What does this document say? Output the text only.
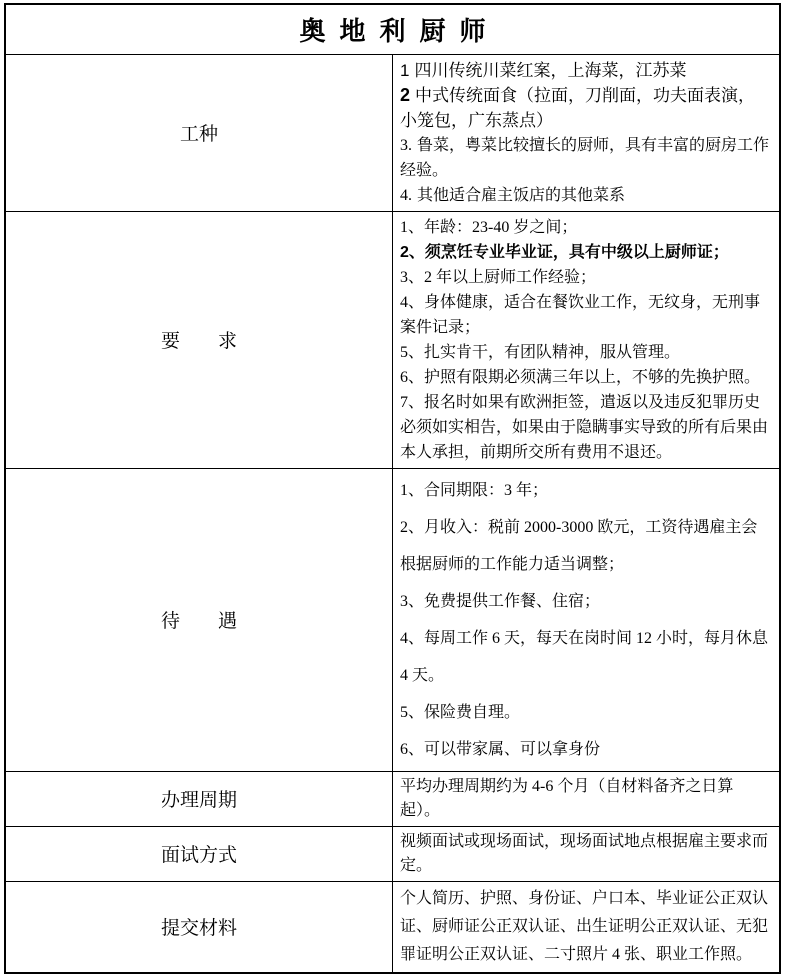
奥地利厨师	
工种	1 四川传统川菜红案，上海菜，江苏菜
2 中式传统面食（拉面，刀削面，功夫面表演，小笼包，广东蒸点）
3. 鲁菜，粤菜比较擅长的厨师，具有丰富的厨房工作经验。
4. 其他适合雇主饭店的其他菜系

要　　求	
1、年龄：23-40 岁之间；
2、须烹饪专业毕业证，具有中级以上厨师证；
3、2 年以上厨师工作经验；
4、身体健康，适合在餐饮业工作，无纹身，无刑事案件记录；
5、扎实肯干，有团队精神，服从管理。
6、护照有限期必须满三年以上，不够的先换护照。
7、报名时如果有欧洲拒签，遣返以及违反犯罪历史必须如实相告，如果由于隐瞒事实导致的所有后果由本人承担，前期所交所有费用不退还。

待　　遇	
1、合同期限：3 年；
2、月收入：税前 2000-3000 欧元，工资待遇雇主会根据厨师的工作能力适当调整；
3、免费提供工作餐、住宿；
4、每周工作 6 天，每天在岗时间 12 小时，每月休息 4 天。
5、保险费自理。
6、可以带家属、可以拿身份

办理周期	平均办理周期约为 4-6 个月（自材料备齐之日算起）。

面试方式	视频面试或现场面试，现场面试地点根据雇主要求而定。

提交材料	个人简历、护照、身份证、户口本、毕业证公正双认证、厨师证公正双认证、出生证明公正双认证、无犯罪证明公正双认证、二寸照片 4 张、职业工作照。
